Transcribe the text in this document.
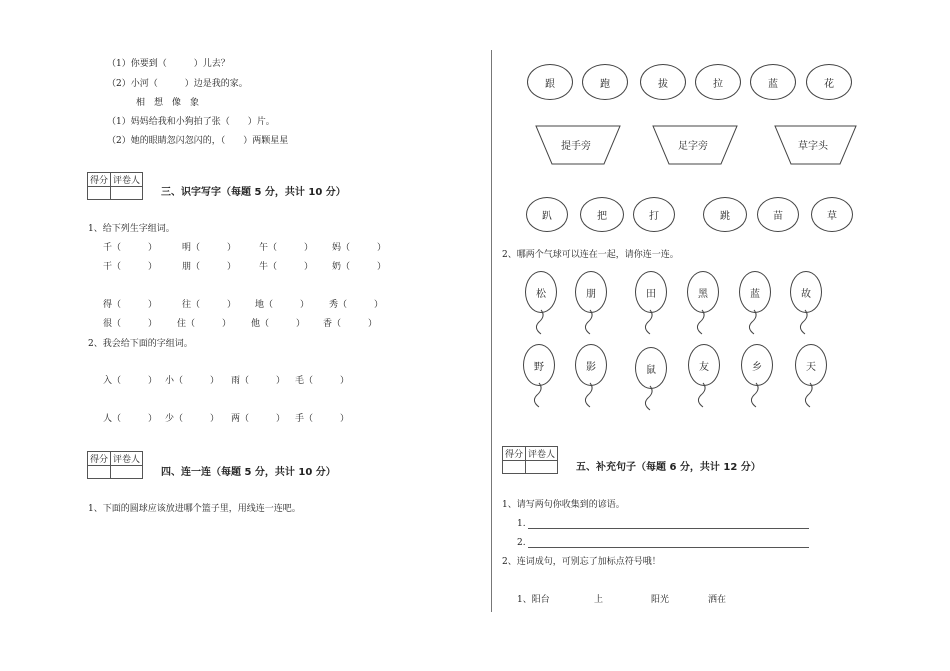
（1）你要到（　　　）儿去？
（2）小河（　　　）边是我的家。
相　想　像　象
（1）妈妈给我和小狗拍了张（　　）片。
（2）她的眼睛忽闪忽闪的，（　　）两颗星星
得分	评卷人

三、识字写字（每题 5 分，共计 10 分）
1、给下列生字组词。
千（　　　）	明（　　　）	午（　　　） 妈（　　　）
干（　　　）	朋（　　　）	牛（　　　） 奶（　　　）
得（　　　）	往（　　　） 地（　　　） 秀（　　　）
很（　　　） 住（　　　） 他（　　　） 香（　　　）
2、我会给下面的字组词。
入（　　　） 小（　　　） 雨（　　　） 毛（　　　）
人（　　　） 少（　　　） 两（　　　） 手（　　　）
得分	评卷人

四、连一连（每题 5 分，共计 10 分）
1、下面的圆球应该放进哪个篮子里，用线连一连吧。
跟	跑	拔	拉	蓝	花
提手旁	足字旁	草字头
趴	把	打	跳	苗	草
2、哪两个气球可以连在一起，请你连一连。
松	朋	田	黑	蓝	故
野	影	鼠	友	乡	天
得分	评卷人

五、补充句子（每题 6 分，共计 12 分）
1、请写两句你收集到的谚语。
1.
2.
2、连词成句，可别忘了加标点符号哦！
1、阳台	上	阳光	洒在
